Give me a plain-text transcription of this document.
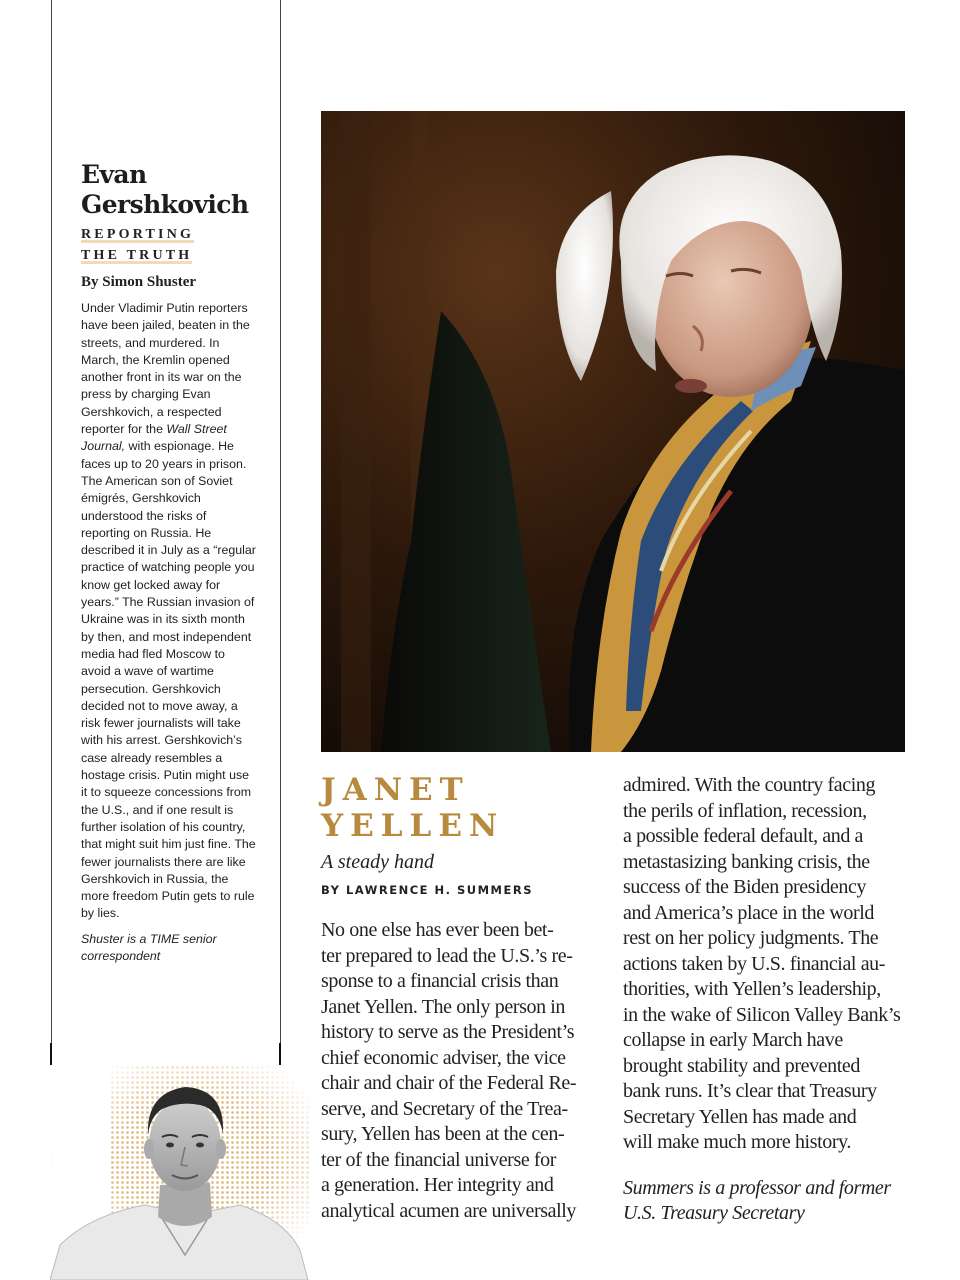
Evan
Gershkovich
REPORTING
THE TRUTH

By Simon Shuster

Under Vladimir Putin reporters have been jailed, beaten in the streets, and murdered. In March, the Kremlin opened another front in its war on the press by charging Evan Gershkovich, a respected reporter for the Wall Street Journal, with espionage. He faces up to 20 years in prison. The American son of Soviet émigrés, Gershkovich understood the risks of reporting on Russia. He described it in July as a “regular practice of watching people you know get locked away for years.” The Russian invasion of Ukraine was in its sixth month by then, and most independent media had fled Moscow to avoid a wave of wartime persecution. Gershkovich decided not to move away, a risk fewer journalists will take with his arrest. Gershkovich’s case already resembles a hostage crisis. Putin might use it to squeeze concessions from the U.S., and if one result is further isolation of his country, that might suit him just fine. The fewer journalists there are like Gershkovich in Russia, the more freedom Putin gets to rule by lies.

Shuster is a TIME senior correspondent

JANET
YELLEN

A steady hand

BY LAWRENCE H. SUMMERS

No one else has ever been bet-
ter prepared to lead the U.S.’s re-
sponse to a financial crisis than
Janet Yellen. The only person in
history to serve as the President’s
chief economic adviser, the vice
chair and chair of the Federal Re-
serve, and Secretary of the Trea-
sury, Yellen has been at the cen-
ter of the financial universe for
a generation. Her integrity and
analytical acumen are universally
admired. With the country facing
the perils of inflation, recession,
a possible federal default, and a
metastasizing banking crisis, the
success of the Biden presidency
and America’s place in the world
rest on her policy judgments. The
actions taken by U.S. financial au-
thorities, with Yellen’s leadership,
in the wake of Silicon Valley Bank’s
collapse in early March have
brought stability and prevented
bank runs. It’s clear that Treasury
Secretary Yellen has made and
will make much more history.
Summers is a professor and former
U.S. Treasury Secretary
